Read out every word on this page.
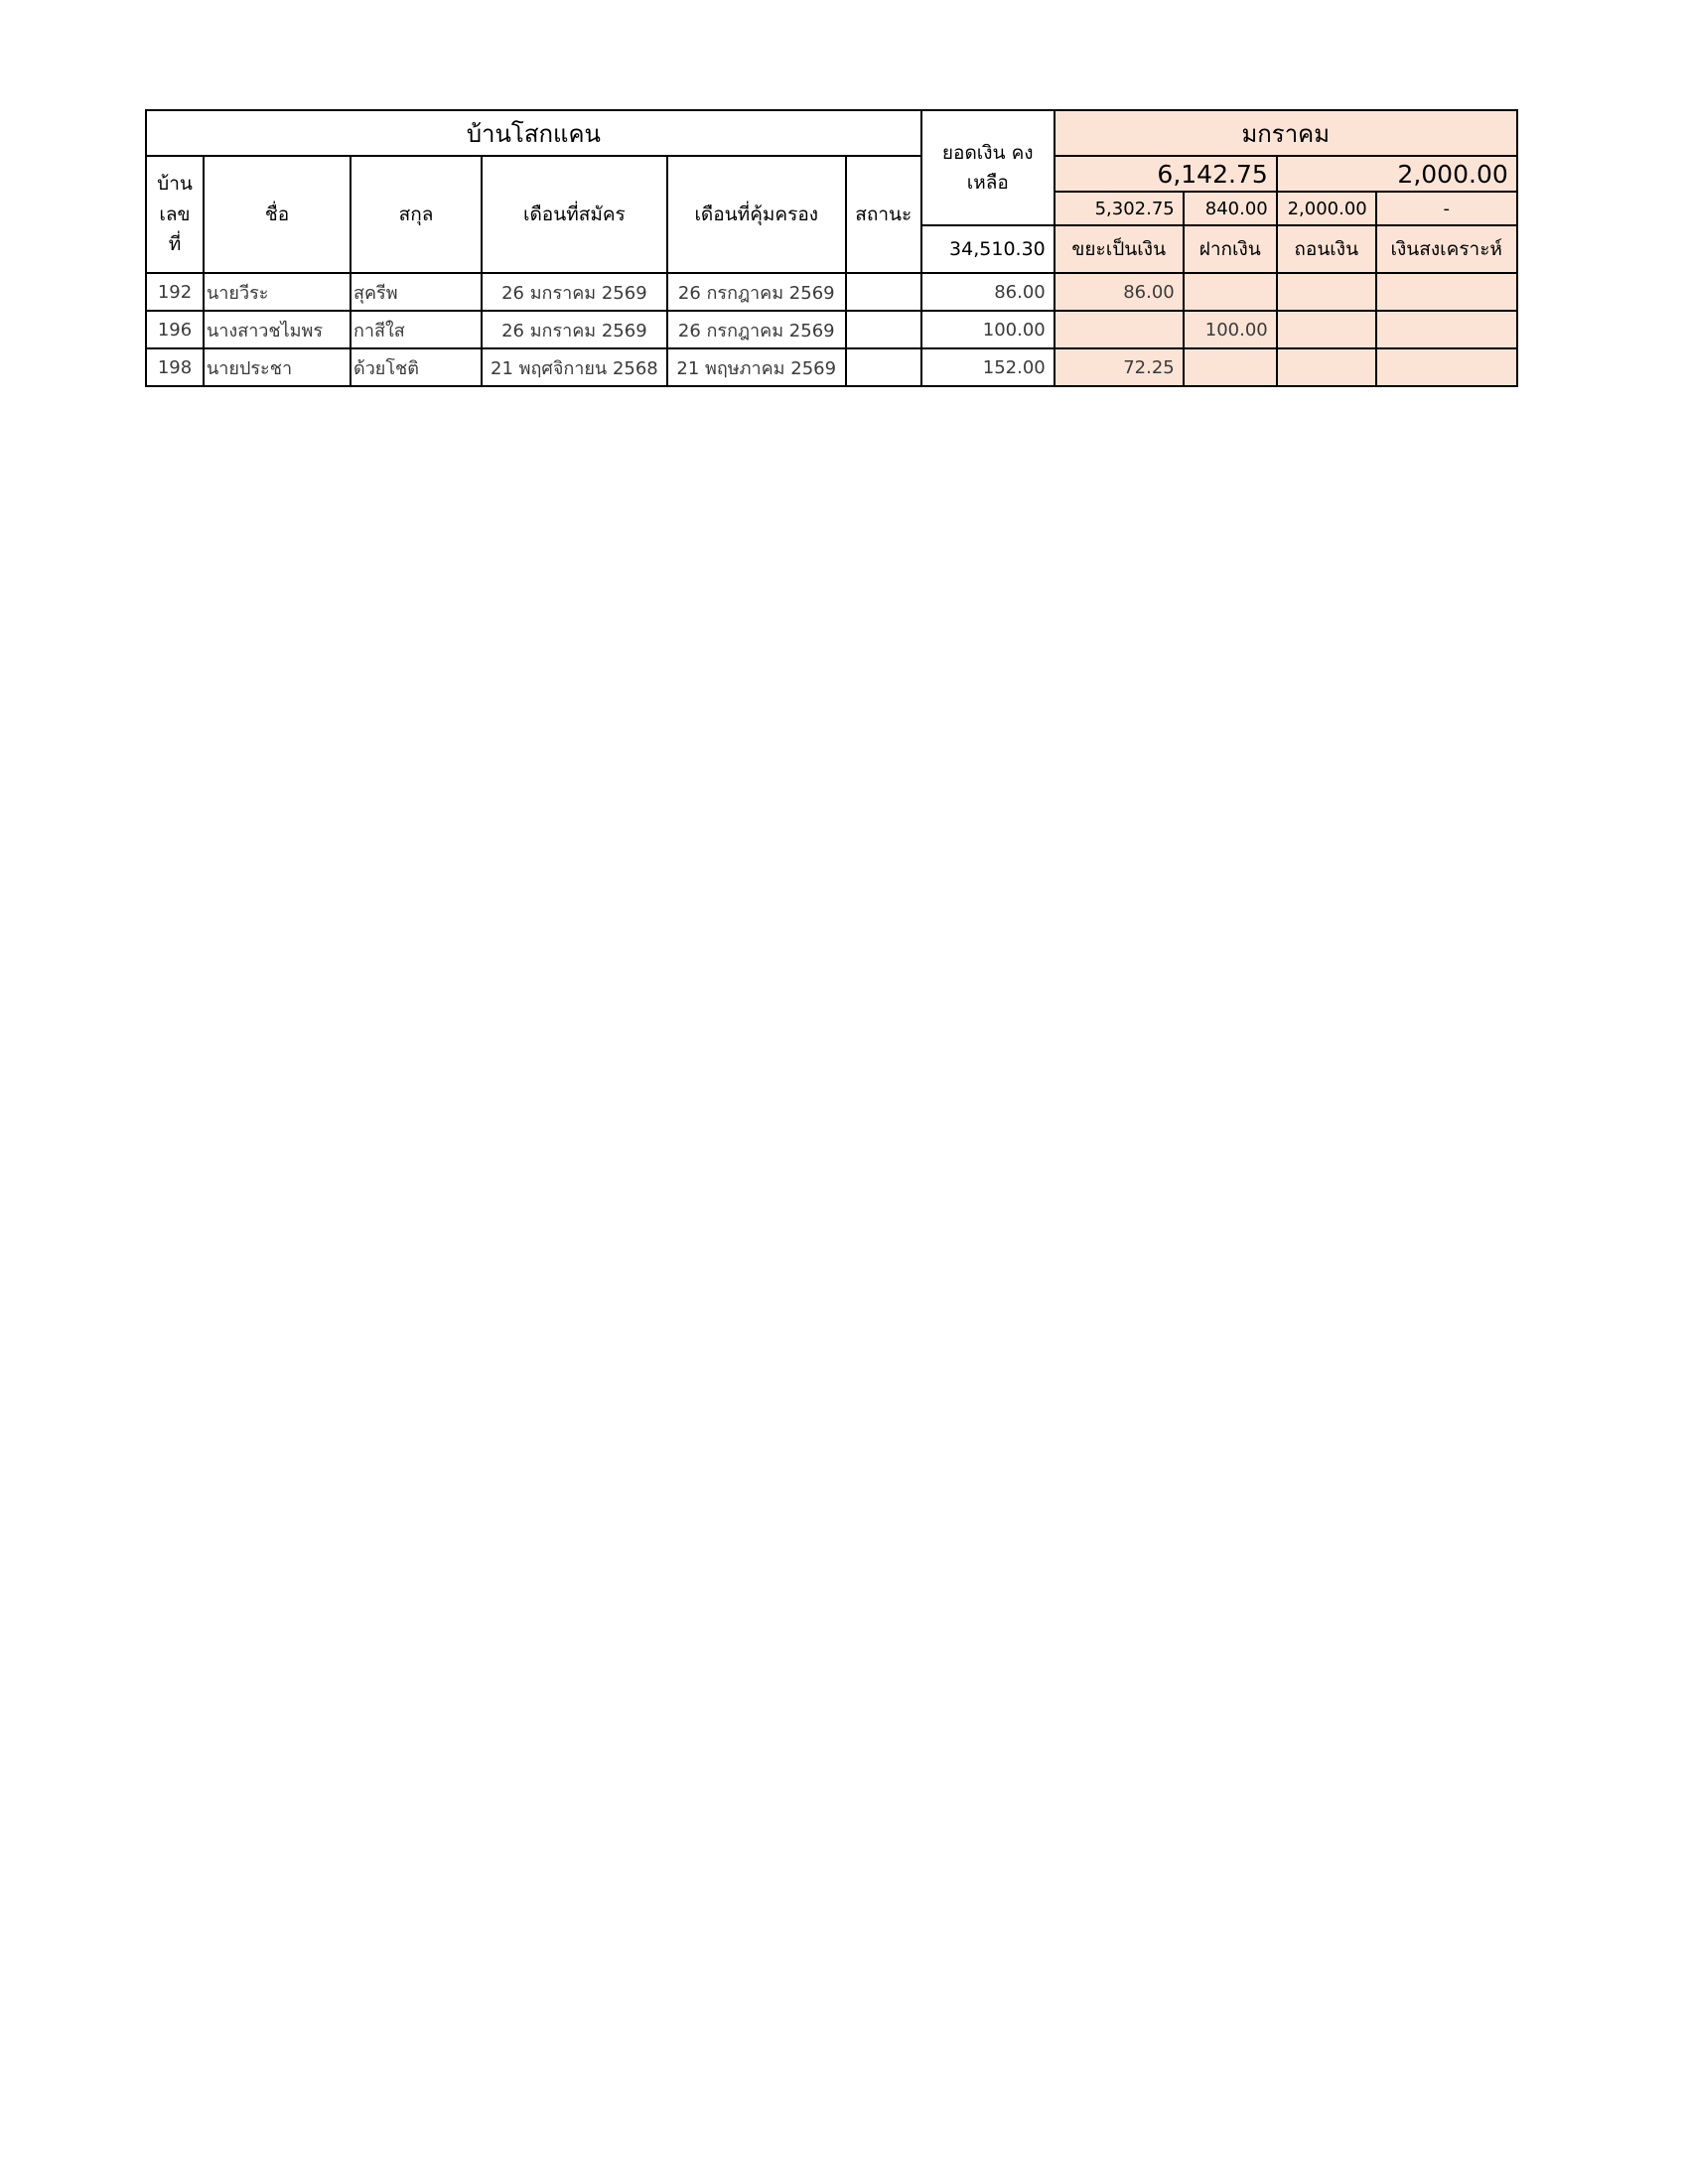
บ้านโสกแคน						ยอดเงิน คงเหลือ	มกราคม			
บ้าน เลขที่	ชื่อ	สกุล	เดือนที่สมัคร	เดือนที่คุ้มครอง	สถานะ		6,142.75		2,000.00	
							5,302.75	840.00	2,000.00	-
						34,510.30	ขยะเป็นเงิน	ฝากเงิน	ถอนเงิน	เงินสงเคราะห์
192	นายวีระ	สุครีพ	26 มกราคม 2569	26 กรกฎาคม 2569		86.00	86.00			
196	นางสาวชไมพร	กาสีใส	26 มกราคม 2569	26 กรกฎาคม 2569		100.00		100.00		
198	นายประชา	ด้วยโชติ	21 พฤศจิกายน 2568	21 พฤษภาคม 2569		152.00	72.25			
